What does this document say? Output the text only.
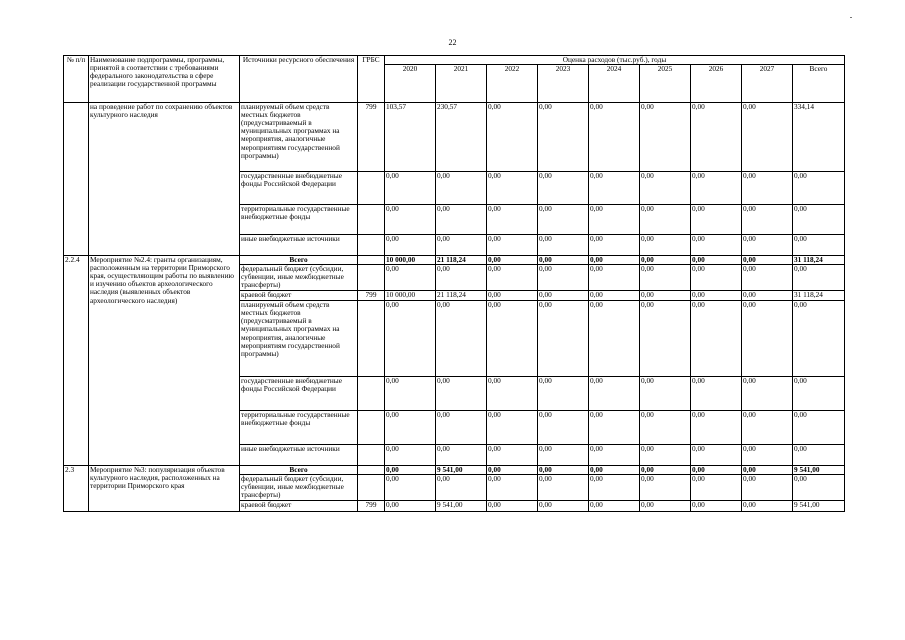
22
№ п/п	Наименование подпрограммы, программы, принятой в соответствии с требованиями федерального законодательства в сфере реализации государственной программы	Источники ресурсного обеспечения	ГРБС	Оценка расходов (тыс.руб.), годы								
				2020	2021	2022	2023	2024	2025	2026	2027	Всего
	на проведение работ по сохранению объектов культурного наследия	планируемый объем средств местных бюджетов (предусматриваемый в муниципальных программах на мероприятия, аналогичные мероприятиям государственной программы)	799	103,57	230,57	0,00	0,00	0,00	0,00	0,00	0,00	334,14
		государственные внебюджетные фонды Российской Федерации		0,00	0,00	0,00	0,00	0,00	0,00	0,00	0,00	0,00
		территориальные государственные внебюджетные фонды		0,00	0,00	0,00	0,00	0,00	0,00	0,00	0,00	0,00
		иные внебюджетные источники		0,00	0,00	0,00	0,00	0,00	0,00	0,00	0,00	0,00
2.2.4	Мероприятие №2.4: гранты организациям, расположенным на территории Приморского края, осуществляющим работы по выявлению и изучению объектов археологического наследия (выявленных объектов археологического наследия)	Всего		10 000,00	21 118,24	0,00	0,00	0,00	0,00	0,00	0,00	31 118,24
		федеральный бюджет (субсидии, субвенции, иные межбюджетные трансферты)		0,00	0,00	0,00	0,00	0,00	0,00	0,00	0,00	0,00
		краевой бюджет	799	10 000,00	21 118,24	0,00	0,00	0,00	0,00	0,00	0,00	31 118,24
		планируемый объем средств местных бюджетов (предусматриваемый в муниципальных программах на мероприятия, аналогичные мероприятиям государственной программы)		0,00	0,00	0,00	0,00	0,00	0,00	0,00	0,00	0,00
		государственные внебюджетные фонды Российской Федерации		0,00	0,00	0,00	0,00	0,00	0,00	0,00	0,00	0,00
		территориальные государственные внебюджетные фонды		0,00	0,00	0,00	0,00	0,00	0,00	0,00	0,00	0,00
		иные внебюджетные источники		0,00	0,00	0,00	0,00	0,00	0,00	0,00	0,00	0,00
2.3	Мероприятие №3: популяризация объектов культурного наследия, расположенных на территории Приморского края	Всего		0,00	9 541,00	0,00	0,00	0,00	0,00	0,00	0,00	9 541,00
		федеральный бюджет (субсидии, субвенции, иные межбюджетные трансферты)		0,00	0,00	0,00	0,00	0,00	0,00	0,00	0,00	0,00
		краевой бюджет	799	0,00	9 541,00	0,00	0,00	0,00	0,00	0,00	0,00	9 541,00
